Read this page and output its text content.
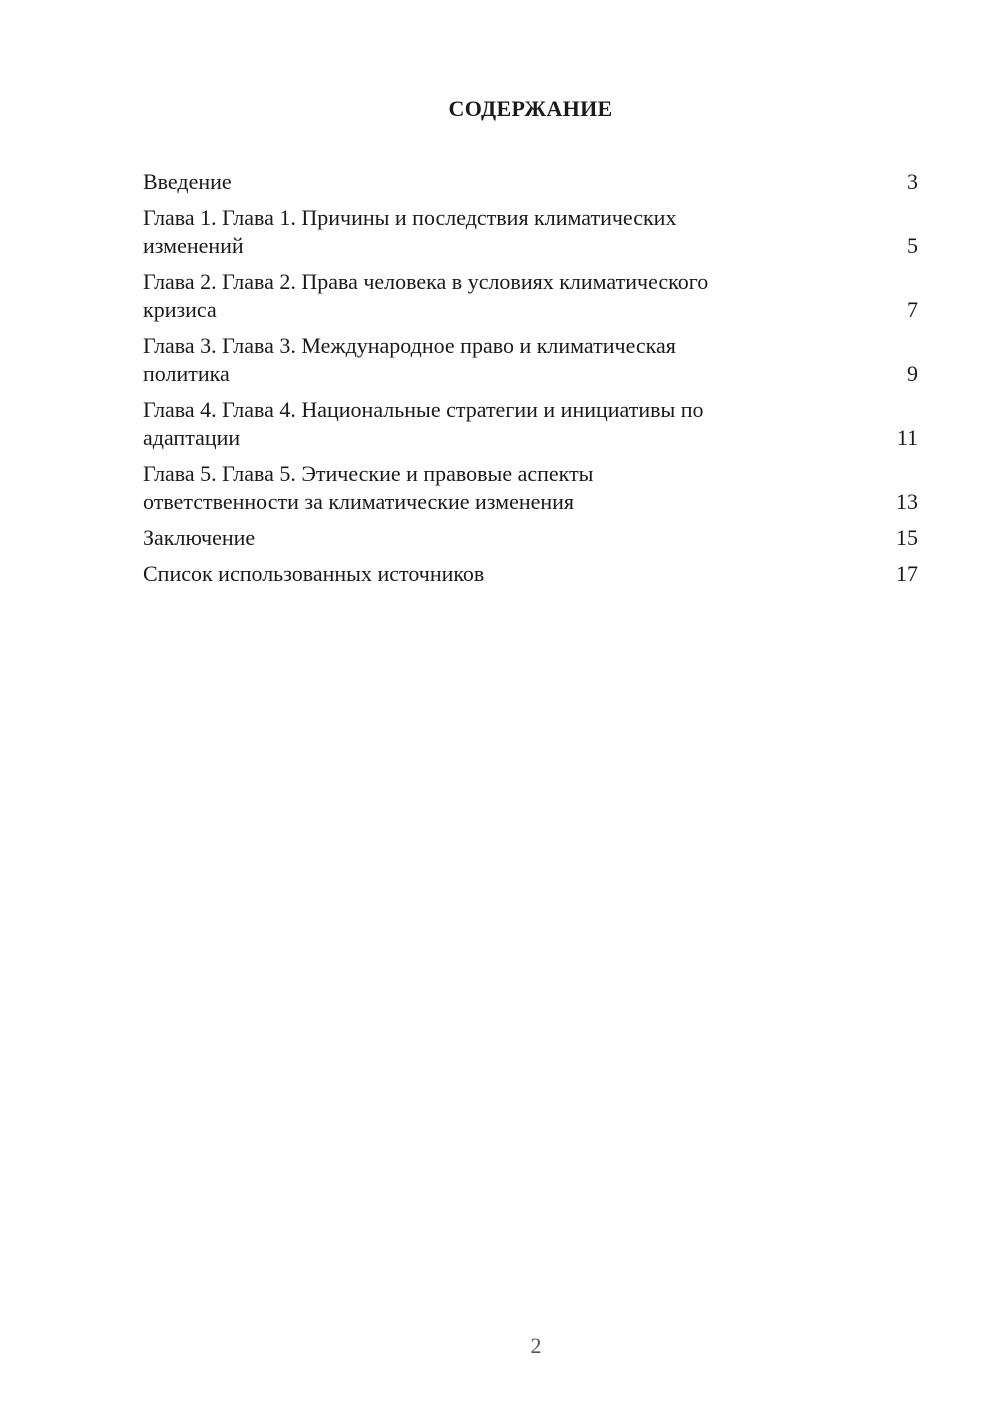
СОДЕРЖАНИЕ
Введение	3
Глава 1. Глава 1. Причины и последствия климатических
изменений	5
Глава 2. Глава 2. Права человека в условиях климатического
кризиса	7
Глава 3. Глава 3. Международное право и климатическая
политика	9
Глава 4. Глава 4. Национальные стратегии и инициативы по
адаптации	11
Глава 5. Глава 5. Этические и правовые аспекты
ответственности за климатические изменения	13
Заключение	15
Список использованных источников	17
2
